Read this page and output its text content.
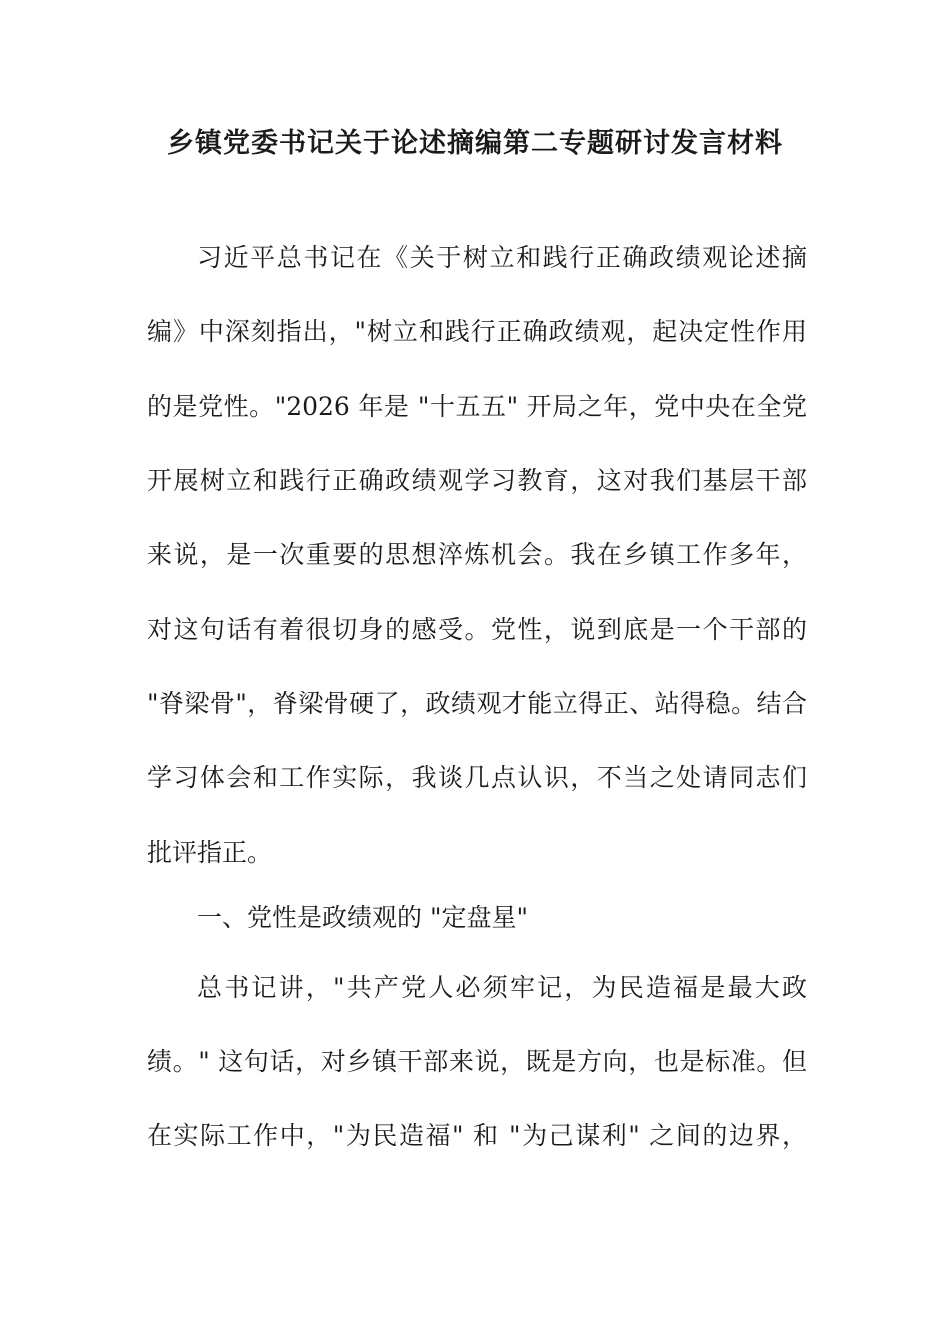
乡镇党委书记关于论述摘编第二专题研讨发言材料
习近平总书记在《关于树立和践行正确政绩观论述摘
编》中深刻指出，"树立和践行正确政绩观，起决定性作用
的是党性。"2026 年是 "十五五" 开局之年，党中央在全党
开展树立和践行正确政绩观学习教育，这对我们基层干部
来说，是一次重要的思想淬炼机会。我在乡镇工作多年，
对这句话有着很切身的感受。党性，说到底是一个干部的
"脊梁骨"，脊梁骨硬了，政绩观才能立得正、站得稳。结合
学习体会和工作实际，我谈几点认识，不当之处请同志们
批评指正。
一、党性是政绩观的 "定盘星"
总书记讲，"共产党人必须牢记，为民造福是最大政
绩。" 这句话，对乡镇干部来说，既是方向，也是标准。但
在实际工作中，"为民造福" 和 "为己谋利" 之间的边界，
